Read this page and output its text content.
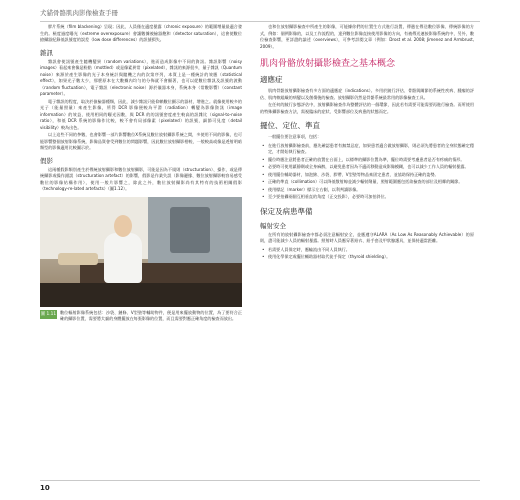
犬貓骨骼肌肉影像檢查手冊

膠片系統（film blackening）呈現；因此，人員僅在適度暴露（chronic exposure）的範圍增量最適合發生的。極度過度曝光（extreme overexposure）會讓數據被檢器飽和（detector saturation），這會使數位搶攝器紀錄低訊號度的誤差（low dose differences）的訊號損失。

雜訊

雜訊會使訊號產生隨機變異（random variations），進而造成影像中不同的資訊。雜訊影響（noisy images）看起來會像是粉點（mottled）或是像素異常（pixelated），雜訊的來源很多，量子雜訊（Quantum noise）來源於產生影像的光子本身統計與隨機之內的次第序列，本質上是一種統計的效應（statistical effect），如果光子數太少，那麼原本在大數據內均勻的分佈就不會顯著，也可以從數位雜訊及訊號的波動（random fluctuation），電子雜訊（electronic noise）源於儀器本身，系統本身（常數影響）（constant parameter）。

電子雜訊的程度，取決於偵檢器種類，因此，減少雜訊只能仰賴數位顯示的器材，增進之。就像使用較多的光子（能量照量）來產生影像，所得 DCR 影像便較為平滑（radiation）轉變為影像資訊（image information）的效益，使用相同的曝光因數，與 DCR 的的訊號密度產生較高的訊雜比（signal-to-noise ratio），和低 DCR 系統的影像作比較，較不會有局部像素（pixelated）的訊號，細節可見度（detail visibility）較為出色。

以上這些不同的參數，也會影響一部片影響數位X系統及數位放射攝影系統之間，多使用不同的影像，也可能影響整個放射影像系統，影像品質會受到數位的問題影響，因此數位放射攝影相較，一般較高或像是透射明暗類型的影像適用比較圖示於。

假影

這兩種假影類別產生於傳統放射攝影和數位放射攝影，可能是因為不規則（structuration）、操作，或是傳統攝影或操作錯誤（structuration artefact）的影響，假影是作業失誤（影像邊緣、數位放射攝影較容易感受數位的影像結構作用），使用一般片影響之，除此之外，數位放射攝影尚有其特有的技術相關假影（technology-re-lated artefacts）（圖1.12）。

圖 1.11 數位輻射影像系統包括：沙袋、鏈條、V型墊等輔助物件，便是用來擺放動物的位置，為了要符合正確的攝影位置，需要將犬貓的身體擺放在每張影像的位置，而且需要對應正確角度的檢查而放出。

也和位放射攝影檢查中所產生的影像，可能據你們的位置生方式進行設置，傳遞在傳送數位影像、傳統影像的方式，例如：個例影像的，以及工作流程的，達到數位影像直接使用影像的方向，有被傳送連接影像系統的中，另外，數位檢查影響，更詳盡的論述（overviews），可參考詳閱文章（例如：Drost et al. 2008; Jimenez and Armbrust, 2009）。

肌肉骨骼放射攝影檢查之基本概念
適應症

肌肉骨骼放射攝影檢查有多方面的適應症（indications）。多用於跛行評估、骨骼與關節的系統性疾病、腫瘤的評估、肌肉軟組織的病變以及創傷後的檢查。放射攝影仍然是骨骼系統最常用的影像檢查工具。

在任何的跛行步態評估中，放射攝影檢查作為整體評估的一個環節，因此若有需要可能需要再進行檢查。而所使用的特殊攝影檢查方法，需視臨床的症狀、受影響部位及病患的狀態而定。

擺位、定位、準直

一般擺位要注意事項，包括：

• 在進行放射攝影檢查前，應先確認患者有無禁忌症，如果患者適合做放射攝影，則必須先將患者的全身狀態確定穩定，才開始執行檢查。
• 擺位時應注意將患者正確的放置在台面上，以標準的攝影位置為準，擺位時需要考慮患者是否有疼痛的情形。
• 必要時可使用鎮靜劑或全身麻醉，以避免患者因為不適而移動造成影像模糊，也可以減少工作人員的輻射暴露。
• 使用擺位輔助器材，如泡綿、沙袋、膠帶、V型墊等物品來固定患者，並協助保持正確的姿勢。
• 正確的準直（collimation）可以降低散射線並減少輻射劑量，照射範圍應包括欲檢查的部位及相鄰的關節。
• 使用標記（marker）標示左右側，以利判讀影像。
• 至少要拍攝兩個互相垂直的角度（正交投影），必要時可加拍斜位。
保定及病患準備
輻射安全

在所有的放射攝影檢查中都必須注意輻射安全，並應遵守ALARA（As Low As Reasonably Achievable）的原則，盡可能減少人員的輻射暴露。照射時人員應穿著鉛衣、鉛手套及甲狀腺護具，並保持適當距離。

• 若需要人員保定時，應輪流由不同人員執行。
• 使用化學保定或擺位輔助器材取代徒手保定（thyroid shielding）。
10
